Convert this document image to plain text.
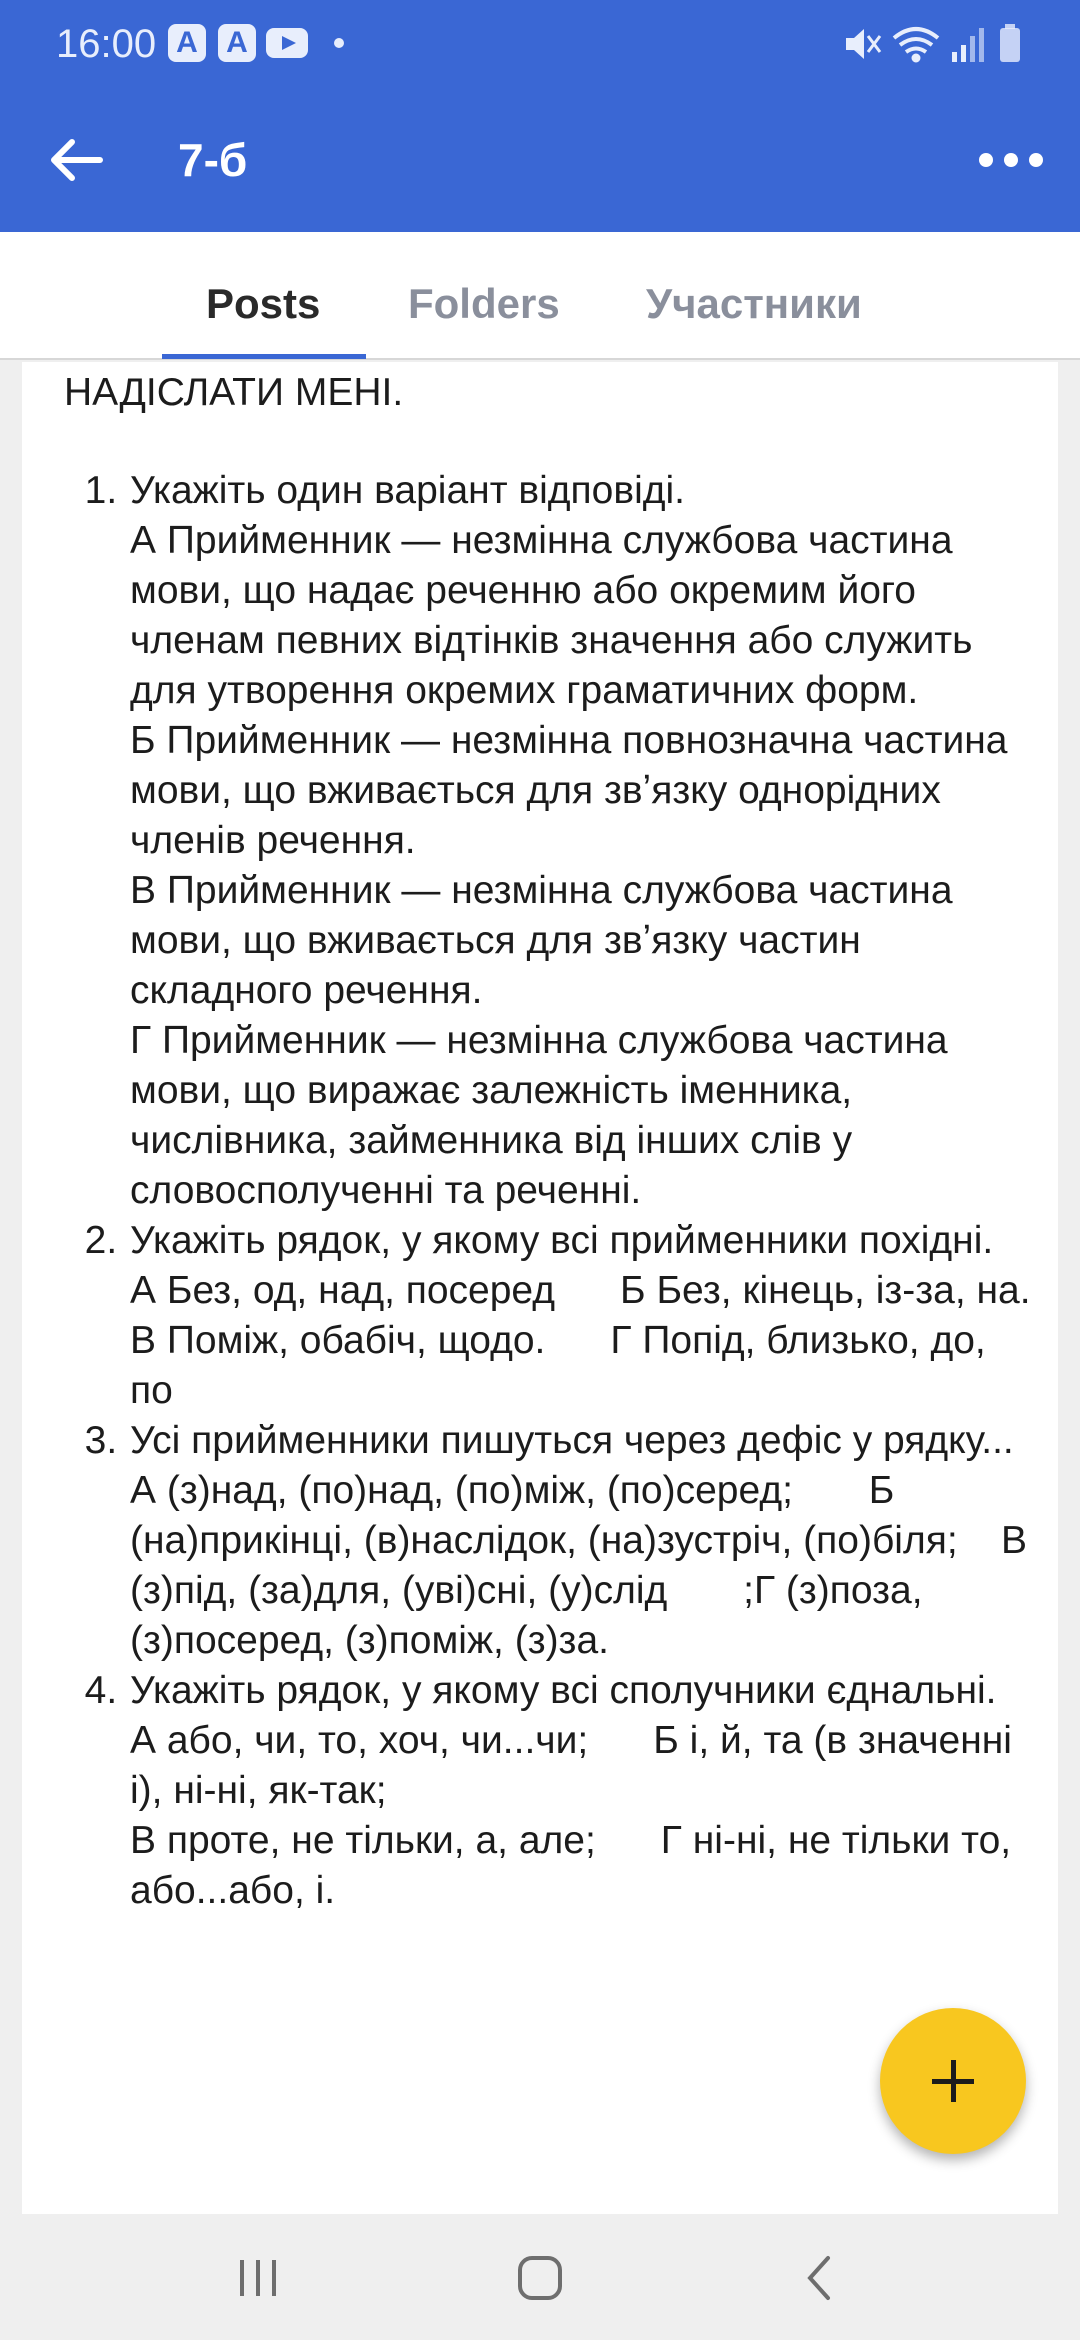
16:00 A A
7-б
Posts Folders Участники

НАДІСЛАТИ МЕНІ.

1. Укажіть один варіант відповіді.
А Прийменник — незмінна службова частина мови, що надає реченню або окремим його членам певних відтінків значення або служить для утворення окремих граматичних форм.
Б Прийменник — незмінна повнозначна частина мови, що вживається для звʼязку однорідних членів речення.
В Прийменник — незмінна службова частина мови, що вживається для звʼязку частин складного речення.
Г Прийменник — незмінна службова частина мови, що виражає залежність іменника, числівника, займенника від інших слів у словосполученні та реченні.
2. Укажіть рядок, у якому всі прийменники похідні.
А Без, од, над, посеред      Б Без, кінець, із-за, на.
В Поміж, обабіч, щодо.      Г Попід, близько, до, по
3. Усі прийменники пишуться через дефіс у рядку...
А (з)над, (по)над, (по)між, (по)серед;       Б (на)прикінці, (в)наслідок, (на)зустріч, (по)біля;    В (з)під, (за)для, (уві)сні, (у)слід       ;Г (з)поза, (з)посеред, (з)поміж, (з)за.
4. Укажіть рядок, у якому всі сполучники єднальні.
А або, чи, то, хоч, чи...чи;      Б і, й, та (в значенні і), ні-ні, як-так;
В проте, не тільки, а, але;      Г ні-ні, не тільки то, або...або, і.
